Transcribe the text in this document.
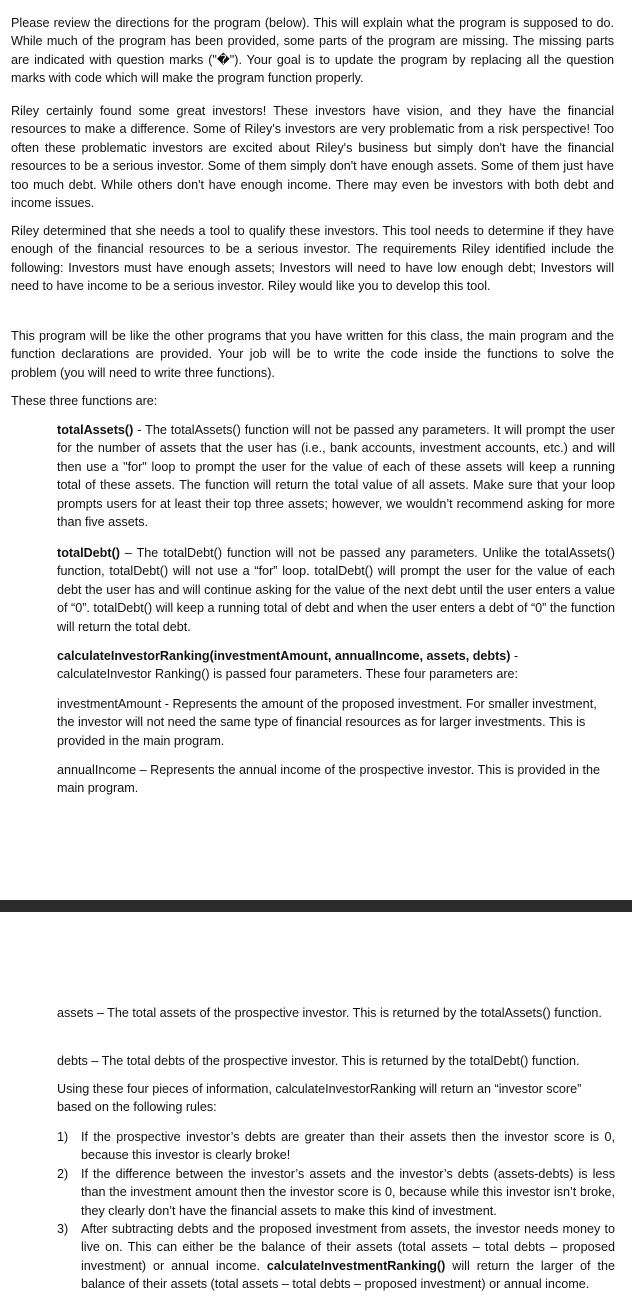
Please review the directions for the program (below). This will explain what the program is supposed to do. While much of the program has been provided, some parts of the program are missing. The missing parts are indicated with question marks ("�"). Your goal is to update the program by replacing all the question marks with code which will make the program function properly.

Riley certainly found some great investors! These investors have vision, and they have the financial resources to make a difference. Some of Riley's investors are very problematic from a risk perspective! Too often these problematic investors are excited about Riley's business but simply don't have the financial resources to be a serious investor. Some of them simply don't have enough assets. Some of them just have too much debt. While others don't have enough income. There may even be investors with both debt and income issues.

Riley determined that she needs a tool to qualify these investors. This tool needs to determine if they have enough of the financial resources to be a serious investor. The requirements Riley identified include the following: Investors must have enough assets; Investors will need to have low enough debt; Investors will need to have income to be a serious investor. Riley would like you to develop this tool.

This program will be like the other programs that you have written for this class, the main program and the function declarations are provided. Your job will be to write the code inside the functions to solve the problem (you will need to write three functions).

These three functions are:

totalAssets() - The totalAssets() function will not be passed any parameters. It will prompt the user for the number of assets that the user has (i.e., bank accounts, investment accounts, etc.) and will then use a "for" loop to prompt the user for the value of each of these assets will keep a running total of these assets. The function will return the total value of all assets. Make sure that your loop prompts users for at least their top three assets; however, we wouldn’t recommend asking for more than five assets.

totalDebt() – The totalDebt() function will not be passed any parameters. Unlike the totalAssets() function, totalDebt() will not use a “for” loop. totalDebt() will prompt the user for the value of each debt the user has and will continue asking for the value of the next debt until the user enters a value of “0”. totalDebt() will keep a running total of debt and when the user enters a debt of “0” the function will return the total debt.

calculateInvestorRanking(investmentAmount, annualIncome, assets, debts) - calculateInvestor Ranking() is passed four parameters. These four parameters are:

investmentAmount - Represents the amount of the proposed investment. For smaller investment, the investor will not need the same type of financial resources as for larger investments. This is provided in the main program.

annualIncome – Represents the annual income of the prospective investor. This is provided in the main program.

assets – The total assets of the prospective investor. This is returned by the totalAssets() function.

debts – The total debts of the prospective investor. This is returned by the totalDebt() function.

Using these four pieces of information, calculateInvestorRanking will return an “investor score” based on the following rules:

1) If the prospective investor’s debts are greater than their assets then the investor score is 0, because this investor is clearly broke!
2) If the difference between the investor’s assets and the investor’s debts (assets-debts) is less than the investment amount then the investor score is 0, because while this investor isn’t broke, they clearly don’t have the financial assets to make this kind of investment.
3) After subtracting debts and the proposed investment from assets, the investor needs money to live on. This can either be the balance of their assets (total assets – total debts – proposed investment) or annual income. calculateInvestmentRanking() will return the larger of the balance of their assets (total assets – total debts – proposed investment) or annual income.
